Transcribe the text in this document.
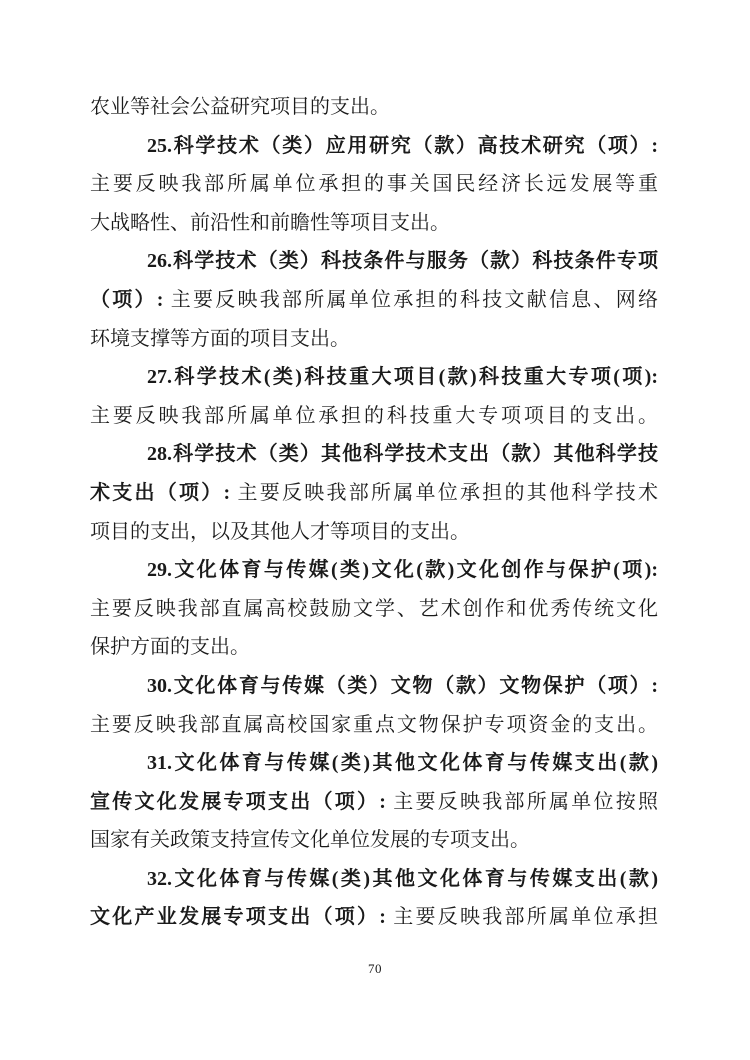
农业等社会公益研究项目的支出。
25.科学技术（类）应用研究（款）高技术研究（项）:
主要反映我部所属单位承担的事关国民经济长远发展等重
大战略性、前沿性和前瞻性等项目支出。
26.科学技术（类）科技条件与服务（款）科技条件专项
（项）: 主要反映我部所属单位承担的科技文献信息、网络
环境支撑等方面的项目支出。
27.科学技术(类)科技重大项目(款)科技重大专项(项):
主要反映我部所属单位承担的科技重大专项项目的支出。
28.科学技术（类）其他科学技术支出（款）其他科学技
术支出（项）: 主要反映我部所属单位承担的其他科学技术
项目的支出，以及其他人才等项目的支出。
29.文化体育与传媒(类)文化(款)文化创作与保护(项):
主要反映我部直属高校鼓励文学、艺术创作和优秀传统文化
保护方面的支出。
30.文化体育与传媒（类）文物（款）文物保护（项）:
主要反映我部直属高校国家重点文物保护专项资金的支出。
31.文化体育与传媒(类)其他文化体育与传媒支出(款)
宣传文化发展专项支出（项）: 主要反映我部所属单位按照
国家有关政策支持宣传文化单位发展的专项支出。
32.文化体育与传媒(类)其他文化体育与传媒支出(款)
文化产业发展专项支出（项）: 主要反映我部所属单位承担
70
